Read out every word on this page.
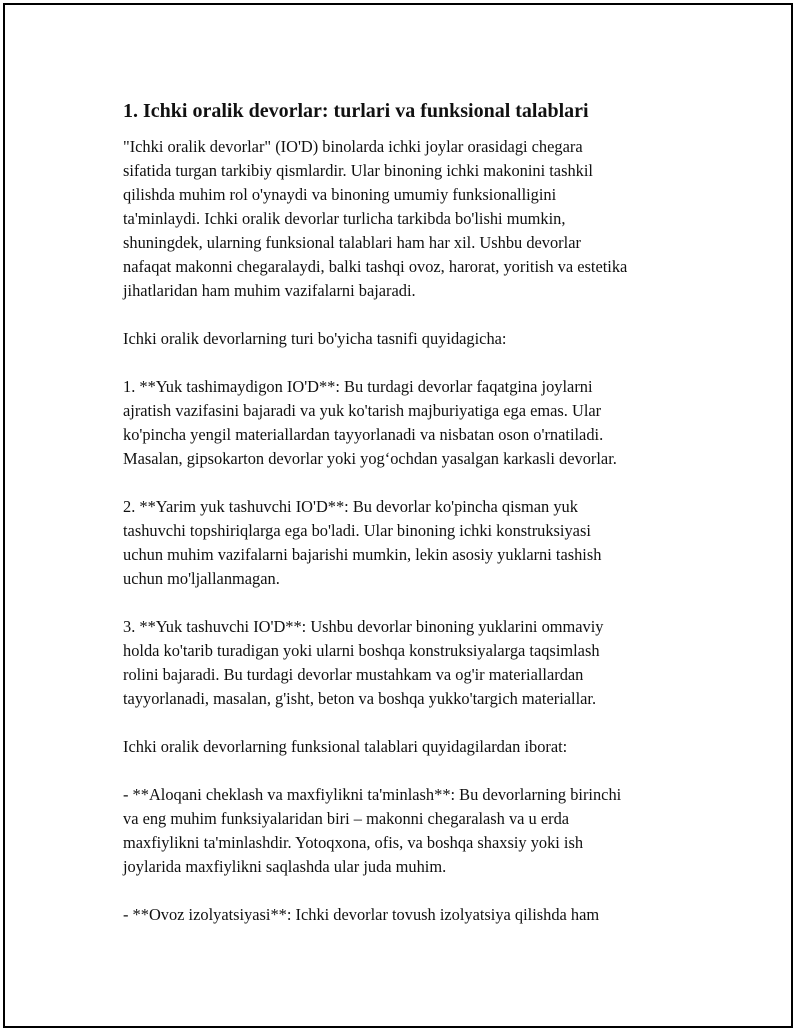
1. Ichki oralik devorlar: turlari va funksional talablari
"Ichki oralik devorlar" (IO'D) binolarda ichki joylar orasidagi chegara
sifatida turgan tarkibiy qismlardir. Ular binoning ichki makonini tashkil
qilishda muhim rol o'ynaydi va binoning umumiy funksionalligini
ta'minlaydi. Ichki oralik devorlar turlicha tarkibda bo'lishi mumkin,
shuningdek, ularning funksional talablari ham har xil. Ushbu devorlar
nafaqat makonni chegaralaydi, balki tashqi ovoz, harorat, yoritish va estetika
jihatlaridan ham muhim vazifalarni bajaradi.
Ichki oralik devorlarning turi bo'yicha tasnifi quyidagicha:
1. **Yuk tashimaydigon IO'D**: Bu turdagi devorlar faqatgina joylarni
ajratish vazifasini bajaradi va yuk ko'tarish majburiyatiga ega emas. Ular
ko'pincha yengil materiallardan tayyorlanadi va nisbatan oson o'rnatiladi.
Masalan, gipsokarton devorlar yoki yog‘ochdan yasalgan karkasli devorlar.
2. **Yarim yuk tashuvchi IO'D**: Bu devorlar ko'pincha qisman yuk
tashuvchi topshiriqlarga ega bo'ladi. Ular binoning ichki konstruksiyasi
uchun muhim vazifalarni bajarishi mumkin, lekin asosiy yuklarni tashish
uchun mo'ljallanmagan.
3. **Yuk tashuvchi IO'D**: Ushbu devorlar binoning yuklarini ommaviy
holda ko'tarib turadigan yoki ularni boshqa konstruksiyalarga taqsimlash
rolini bajaradi. Bu turdagi devorlar mustahkam va og'ir materiallardan
tayyorlanadi, masalan, g'isht, beton va boshqa yukko'targich materiallar.
Ichki oralik devorlarning funksional talablari quyidagilardan iborat:
- **Aloqani cheklash va maxfiylikni ta'minlash**: Bu devorlarning birinchi
va eng muhim funksiyalaridan biri – makonni chegaralash va u erda
maxfiylikni ta'minlashdir. Yotoqxona, ofis, va boshqa shaxsiy yoki ish
joylarida maxfiylikni saqlashda ular juda muhim.
- **Ovoz izolyatsiyasi**: Ichki devorlar tovush izolyatsiya qilishda ham
